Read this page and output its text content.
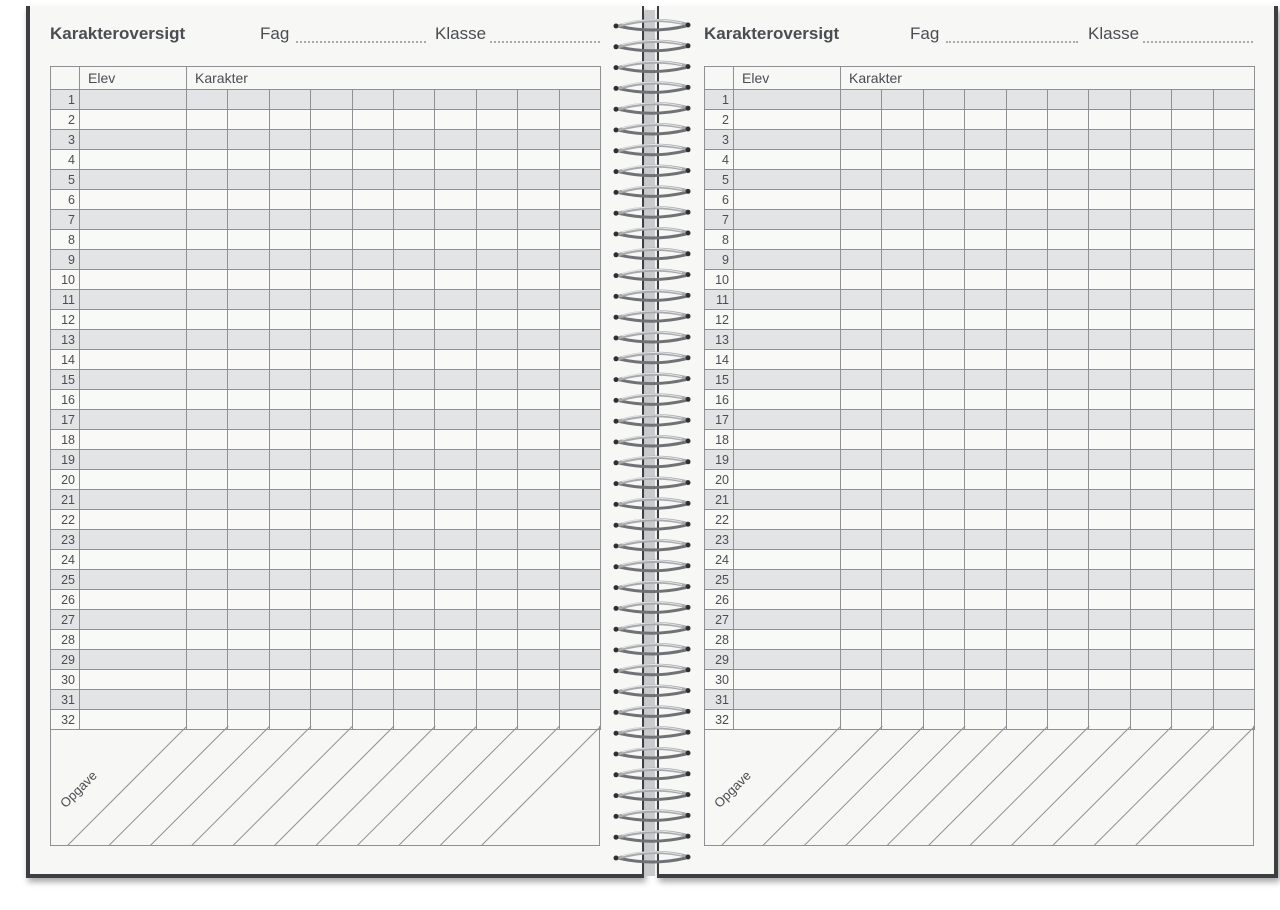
Karakteroversigt	Fag	Klasse
	Elev	Karakter									
1											
2											
3											
4											
5											
6											
7											
8											
9											
10											
11											
12											
13											
14											
15											
16											
17											
18											
19											
20											
21											
22											
23											
24											
25											
26											
27											
28											
29											
30											
31											
32											
Opgave
Karakteroversigt	Fag	Klasse
	Elev	Karakter									
1											
2											
3											
4											
5											
6											
7											
8											
9											
10											
11											
12											
13											
14											
15											
16											
17											
18											
19											
20											
21											
22											
23											
24											
25											
26											
27											
28											
29											
30											
31											
32											
Opgave
